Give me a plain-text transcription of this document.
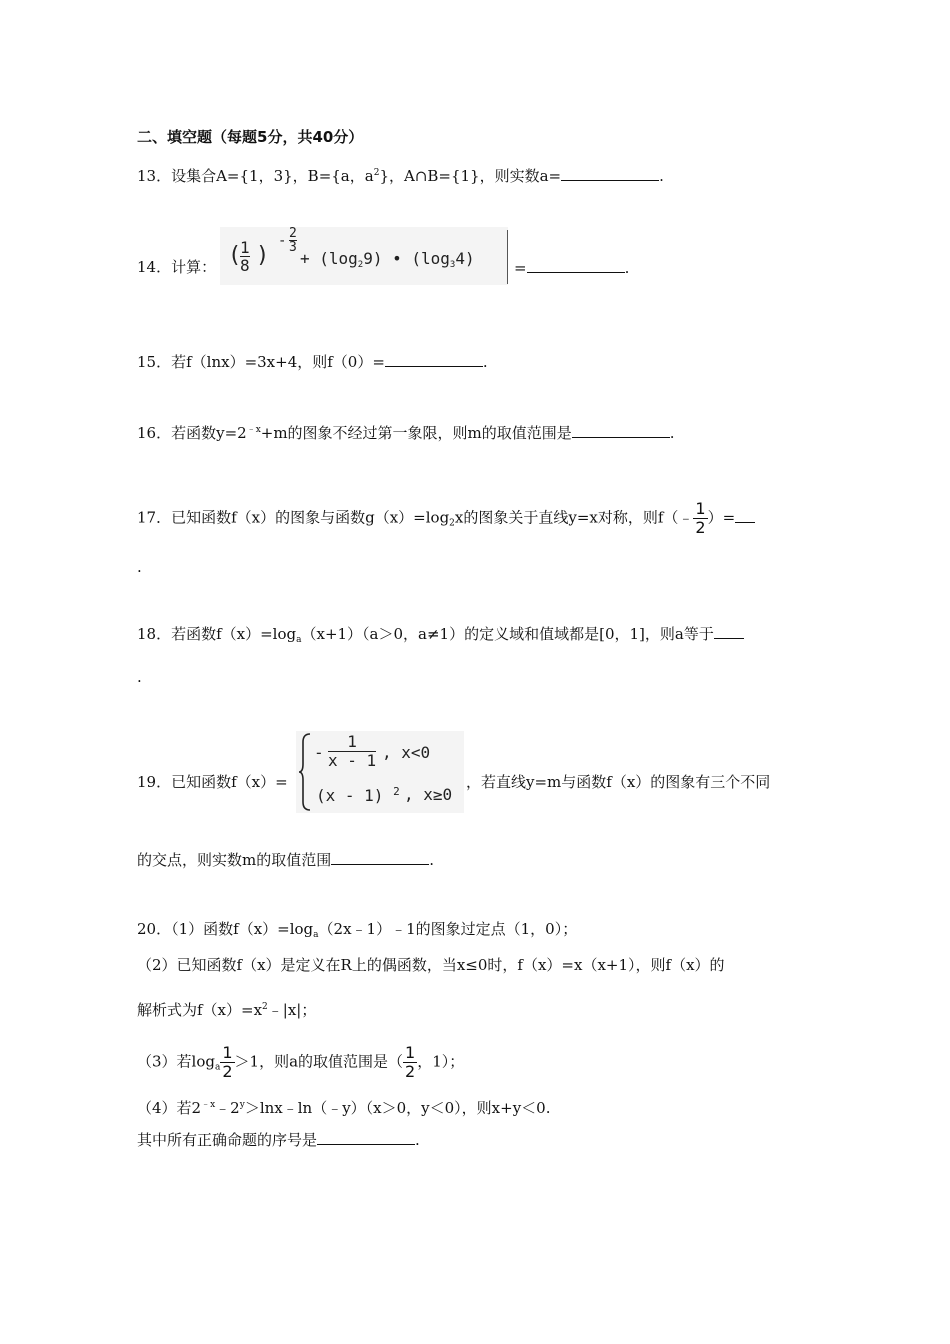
二、填空题（每题5分，共40分）
13．设集合A={1，3}，B={a，$a^2$}，A∩B={1}，则实数a=	.
14．计算： (
$\frac{1}{8}$ )
- $\frac{2}{3}$
+ $(\log_29)$ • $(\log_34)$	=	.
15．若f（lnx）=3x+4，则f（0）=	.
16．若函数$y=2^{﹣x}+m$的图象不经过第一象限，则m的取值范围是	.
17．已知函数f（x）的图象与函数$g(x)=\log_2x$的图象关于直线y=x对称，则f（﹣ $\frac{1}{2}$ ）=
.
18．若函数$f(x)=\log_a(x+1)(a>0$，a≠1）的定义域和值域都是[0，1]，则a等于
.
19．已知函数f（x）=
- $\frac{1}{x - 1}$ , x<0
(x - 1) $^2$ , x≥0
，若直线y=m与函数f（x）的图象有三个不同
的交点，则实数m的取值范围	.
20．（1）函数$f(x)=\log_a(2x﹣1)﹣1$的图象过定点（1，0）；
（2）已知函数f（x）是定义在R上的偶函数，当x≤0时，f（x）=x（x+1），则f（x）的
解析式为$f(x)=x^2﹣|x|$；
（3）若$\log_a \frac{1}{2} >1$，则a的取值范围是（ $\frac{1}{2}$ ，1）；
（4）若$2^{﹣x}﹣2^y>\ln x﹣\ln(﹣y)(x>0$，y＜0），则x+y＜0.
其中所有正确命题的序号是	.
